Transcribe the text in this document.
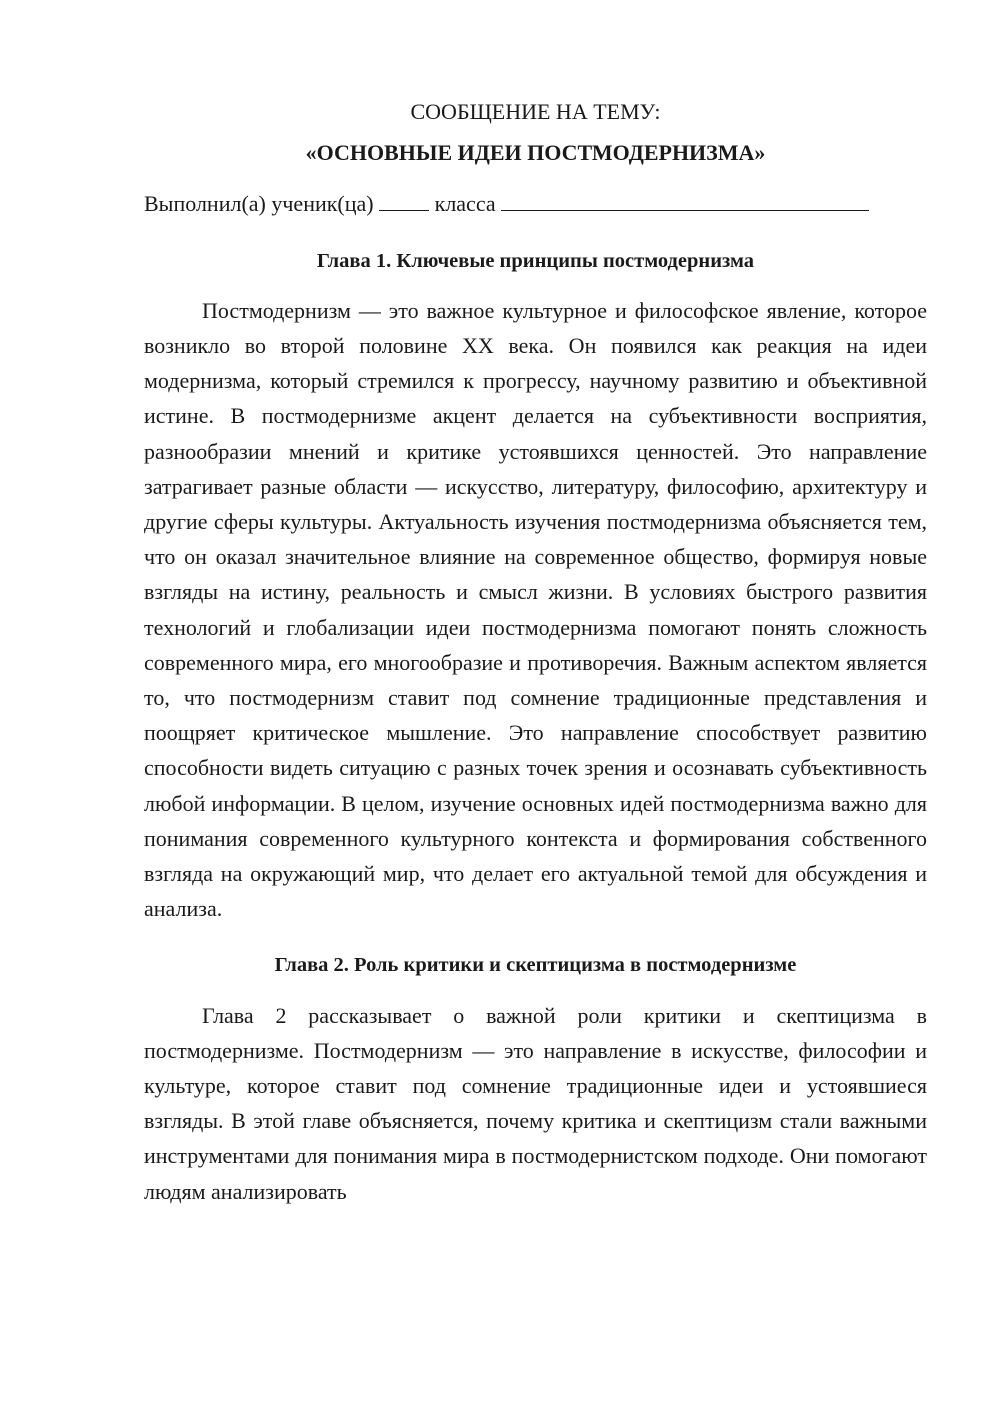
СООБЩЕНИЕ НА ТЕМУ:
«ОСНОВНЫЕ ИДЕИ ПОСТМОДЕРНИЗМА»

Выполнил(а) ученик(ца)	класса

Глава 1. Ключевые принципы постмодернизма

Постмодернизм — это важное культурное и философское явление, которое возникло во второй половине XX века. Он появился как реакция на идеи модернизма, который стремился к прогрессу, научному развитию и объективной истине. В постмодернизме акцент делается на субъективности восприятия, разнообразии мнений и критике устоявшихся ценностей. Это направление затрагивает разные области — искусство, литературу, философию, архитектуру и другие сферы культуры. Актуальность изучения постмодернизма объясняется тем, что он оказал значительное влияние на современное общество, формируя новые взгляды на истину, реальность и смысл жизни. В условиях быстрого развития технологий и глобализации идеи постмодернизма помогают понять сложность современного мира, его многообразие и противоречия. Важным аспектом является то, что постмодернизм ставит под сомнение традиционные представления и поощряет критическое мышление. Это направление способствует развитию способности видеть ситуацию с разных точек зрения и осознавать субъективность любой информации. В целом, изучение основных идей постмодернизма важно для понимания современного культурного контекста и формирования собственного взгляда на окружающий мир, что делает его актуальной темой для обсуждения и анализа.

Глава 2. Роль критики и скептицизма в постмодернизме

Глава 2 рассказывает о важной роли критики и скептицизма в постмодернизме. Постмодернизм — это направление в искусстве, философии и культуре, которое ставит под сомнение традиционные идеи и устоявшиеся взгляды. В этой главе объясняется, почему критика и скептицизм стали важными инструментами для понимания мира в постмодернистском подходе. Они помогают людям анализировать
